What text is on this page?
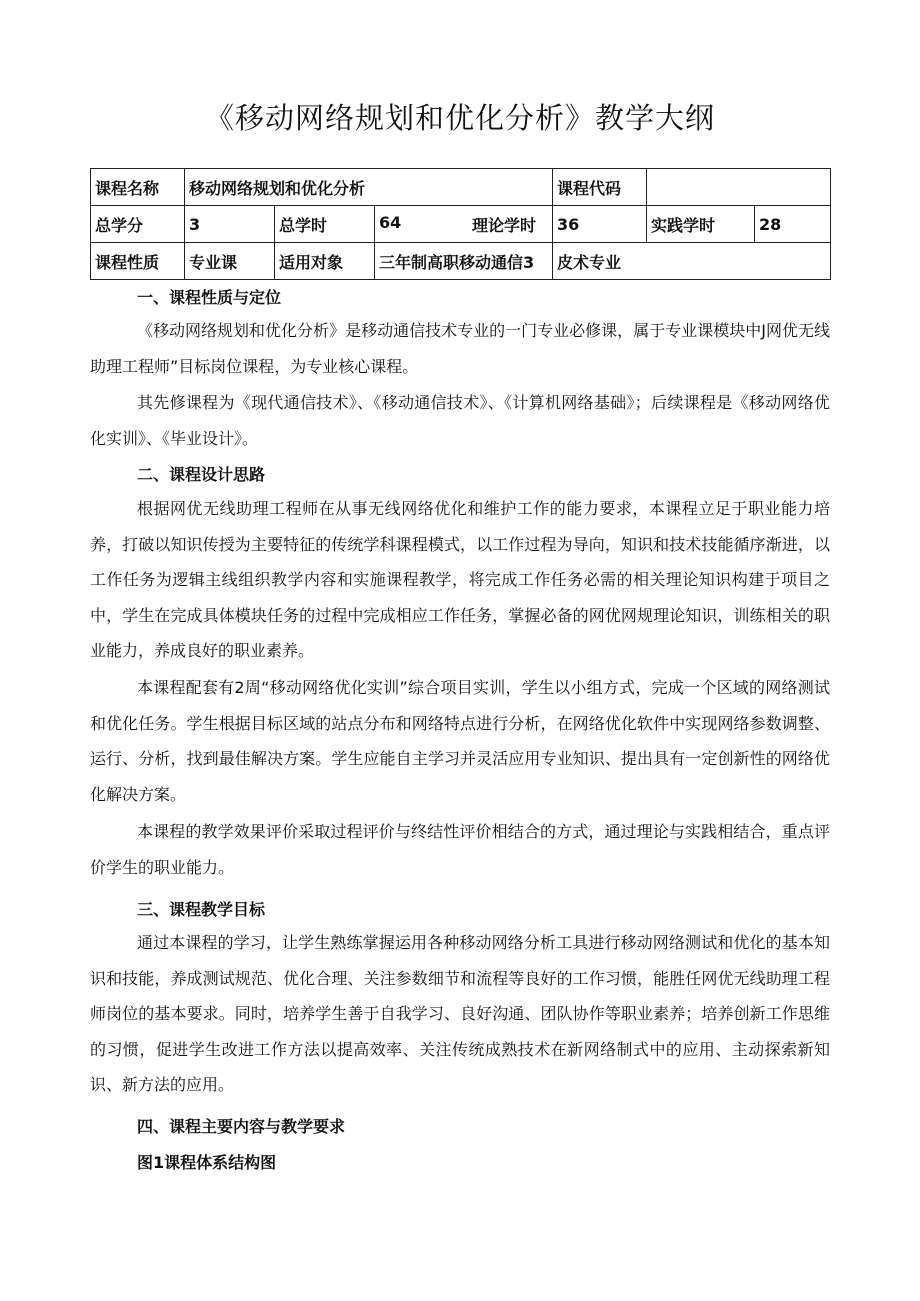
《移动网络规划和优化分析》教学大纲
课程名称	移动网络规划和优化分析			课程代码		
总学分	3	总学时	64 理论学时	36	实践学时	28
课程性质	专业课	适用对象	三年制高职移动通信3	皮术专业		
一、课程性质与定位
《移动网络规划和优化分析》是移动通信技术专业的一门专业必修课，属于专业课模块中J网优无线助理工程师”目标岗位课程，为专业核心课程。
其先修课程为《现代通信技术》、《移动通信技术》、《计算机网络基础》；后续课程是《移动网络优化实训》、《毕业设计》。
二、课程设计思路
根据网优无线助理工程师在从事无线网络优化和维护工作的能力要求，本课程立足于职业能力培养，打破以知识传授为主要特征的传统学科课程模式，以工作过程为导向，知识和技术技能循序渐进，以工作任务为逻辑主线组织教学内容和实施课程教学，将完成工作任务必需的相关理论知识构建于项目之中，学生在完成具体模块任务的过程中完成相应工作任务，掌握必备的网优网规理论知识，训练相关的职业能力，养成良好的职业素养。
本课程配套有2周“移动网络优化实训”综合项目实训，学生以小组方式，完成一个区域的网络测试和优化任务。学生根据目标区域的站点分布和网络特点进行分析，在网络优化软件中实现网络参数调整、运行、分析，找到最佳解决方案。学生应能自主学习并灵活应用专业知识、提出具有一定创新性的网络优化解决方案。
本课程的教学效果评价采取过程评价与终结性评价相结合的方式，通过理论与实践相结合，重点评价学生的职业能力。
三、课程教学目标
通过本课程的学习，让学生熟练掌握运用各种移动网络分析工具进行移动网络测试和优化的基本知识和技能，养成测试规范、优化合理、关注参数细节和流程等良好的工作习惯，能胜任网优无线助理工程师岗位的基本要求。同时，培养学生善于自我学习、良好沟通、团队协作等职业素养；培养创新工作思维的习惯，促进学生改进工作方法以提高效率、关注传统成熟技术在新网络制式中的应用、主动探索新知识、新方法的应用。
四、课程主要内容与教学要求
图1课程体系结构图
